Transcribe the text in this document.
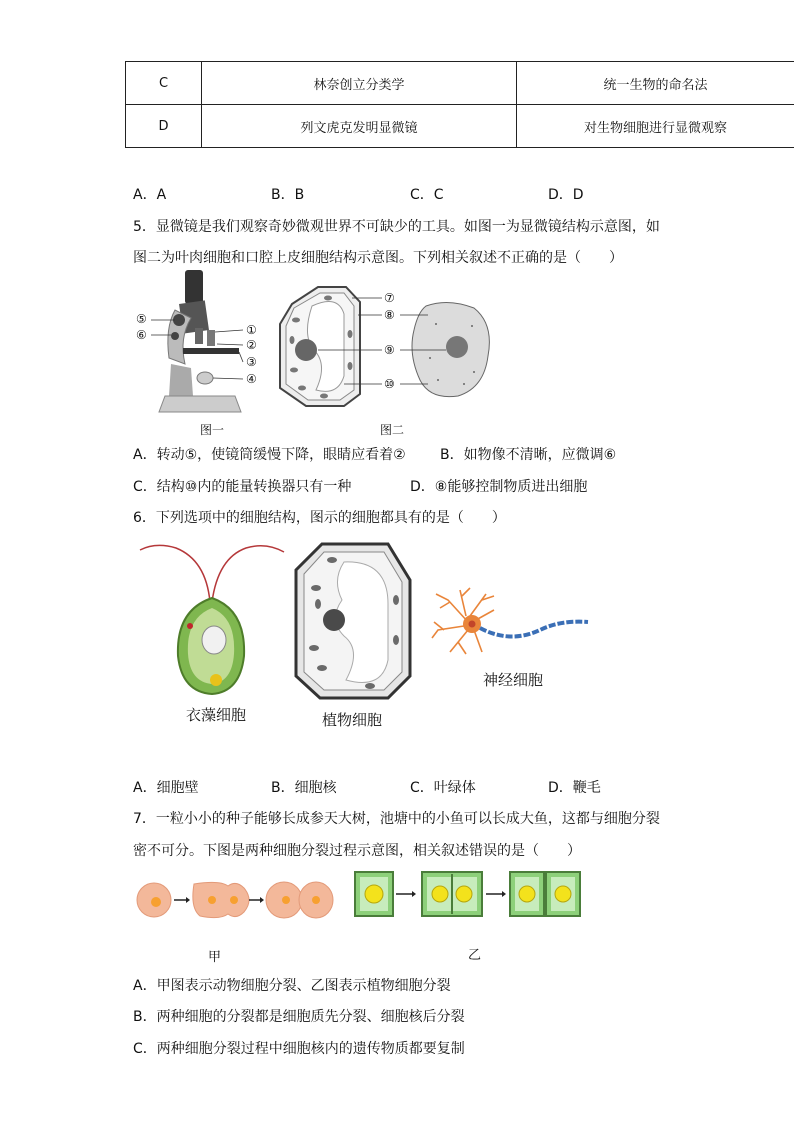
C	林奈创立分类学	统一生物的命名法
D	列文虎克发明显微镜	对生物细胞进行显微观察
A．A	B．B	C．C	D．D
5．显微镜是我们观察奇妙微观世界不可缺少的工具。如图一为显微镜结构示意图，如
图二为叶肉细胞和口腔上皮细胞结构示意图。下列相关叙述不正确的是（　　）
⑤
⑥	①
②
③
④
图一
⑦
⑧
⑨
⑩
图二
A．转动⑤，使镜筒缓慢下降，眼睛应看着② B．如物像不清晰，应微调⑥
C．结构⑩内的能量转换器只有一种	D．⑧能够控制物质进出细胞
6．下列选项中的细胞结构，图示的细胞都具有的是（　　）
衣藻细胞	植物细胞
神经细胞
A．细胞壁	B．细胞核	C．叶绿体	D．鞭毛
7．一粒小小的种子能够长成参天大树，池塘中的小鱼可以长成大鱼，这都与细胞分裂
密不可分。下图是两种细胞分裂过程示意图，相关叙述错误的是（　　）
甲	乙
A．甲图表示动物细胞分裂、乙图表示植物细胞分裂
B．两种细胞的分裂都是细胞质先分裂、细胞核后分裂
C．两种细胞分裂过程中细胞核内的遗传物质都要复制
